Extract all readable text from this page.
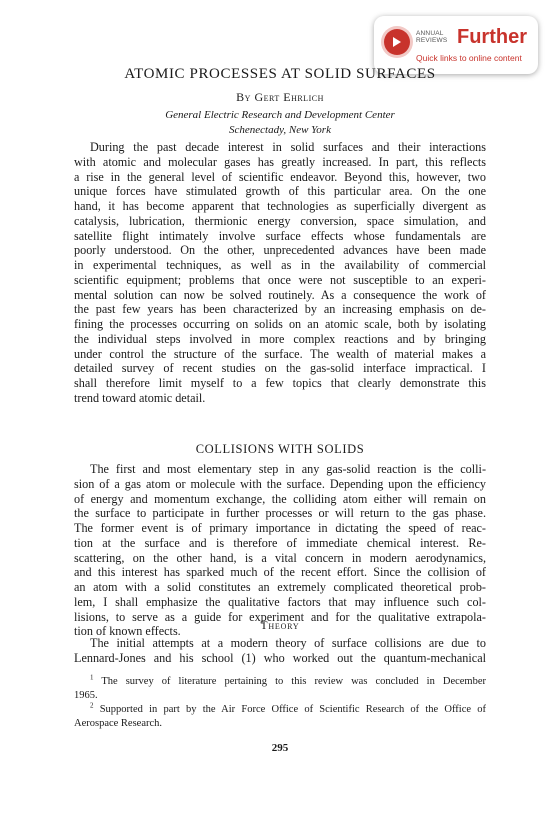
ANNUAL REVIEWS Further
Quick links to online content
ATOMIC PROCESSES AT SOLID SURFACES
By Gert Ehrlich
General Electric Research and Development Center
Schenectady, New York
During the past decade interest in solid surfaces and their interactions
with atomic and molecular gases has greatly increased. In part, this reflects
a rise in the general level of scientific endeavor. Beyond this, however, two
unique forces have stimulated growth of this particular area. On the one
hand, it has become apparent that technologies as superficially divergent as
catalysis, lubrication, thermionic energy conversion, space simulation, and
satellite flight intimately involve surface effects whose fundamentals are
poorly understood. On the other, unprecedented advances have been made
in experimental techniques, as well as in the availability of commercial
scientific equipment; problems that once were not susceptible to an experi-
mental solution can now be solved routinely. As a consequence the work of
the past few years has been characterized by an increasing emphasis on de-
fining the processes occurring on solids on an atomic scale, both by isolating
the individual steps involved in more complex reactions and by bringing
under control the structure of the surface. The wealth of material makes a
detailed survey of recent studies on the gas-solid interface impractical. I
shall therefore limit myself to a few topics that clearly demonstrate this
trend toward atomic detail.
COLLISIONS WITH SOLIDS
The first and most elementary step in any gas-solid reaction is the colli-
sion of a gas atom or molecule with the surface. Depending upon the efficiency
of energy and momentum exchange, the colliding atom either will remain on
the surface to participate in further processes or will return to the gas phase.
The former event is of primary importance in dictating the speed of reac-
tion at the surface and is therefore of immediate chemical interest. Re-
scattering, on the other hand, is a vital concern in modern aerodynamics,
and this interest has sparked much of the recent effort. Since the collision of
an atom with a solid constitutes an extremely complicated theoretical prob-
lem, I shall emphasize the qualitative factors that may influence such col-
lisions, to serve as a guide for experiment and for the qualitative extrapola-
tion of known effects.	Theory
The initial attempts at a modern theory of surface collisions are due to
Lennard-Jones and his school (1) who worked out the quantum-mechanical
$^1$ The survey of literature pertaining to this review was concluded in December
1965.
$^2$ Supported in part by the Air Force Office of Scientific Research of the Office of
Aerospace Research.
295
